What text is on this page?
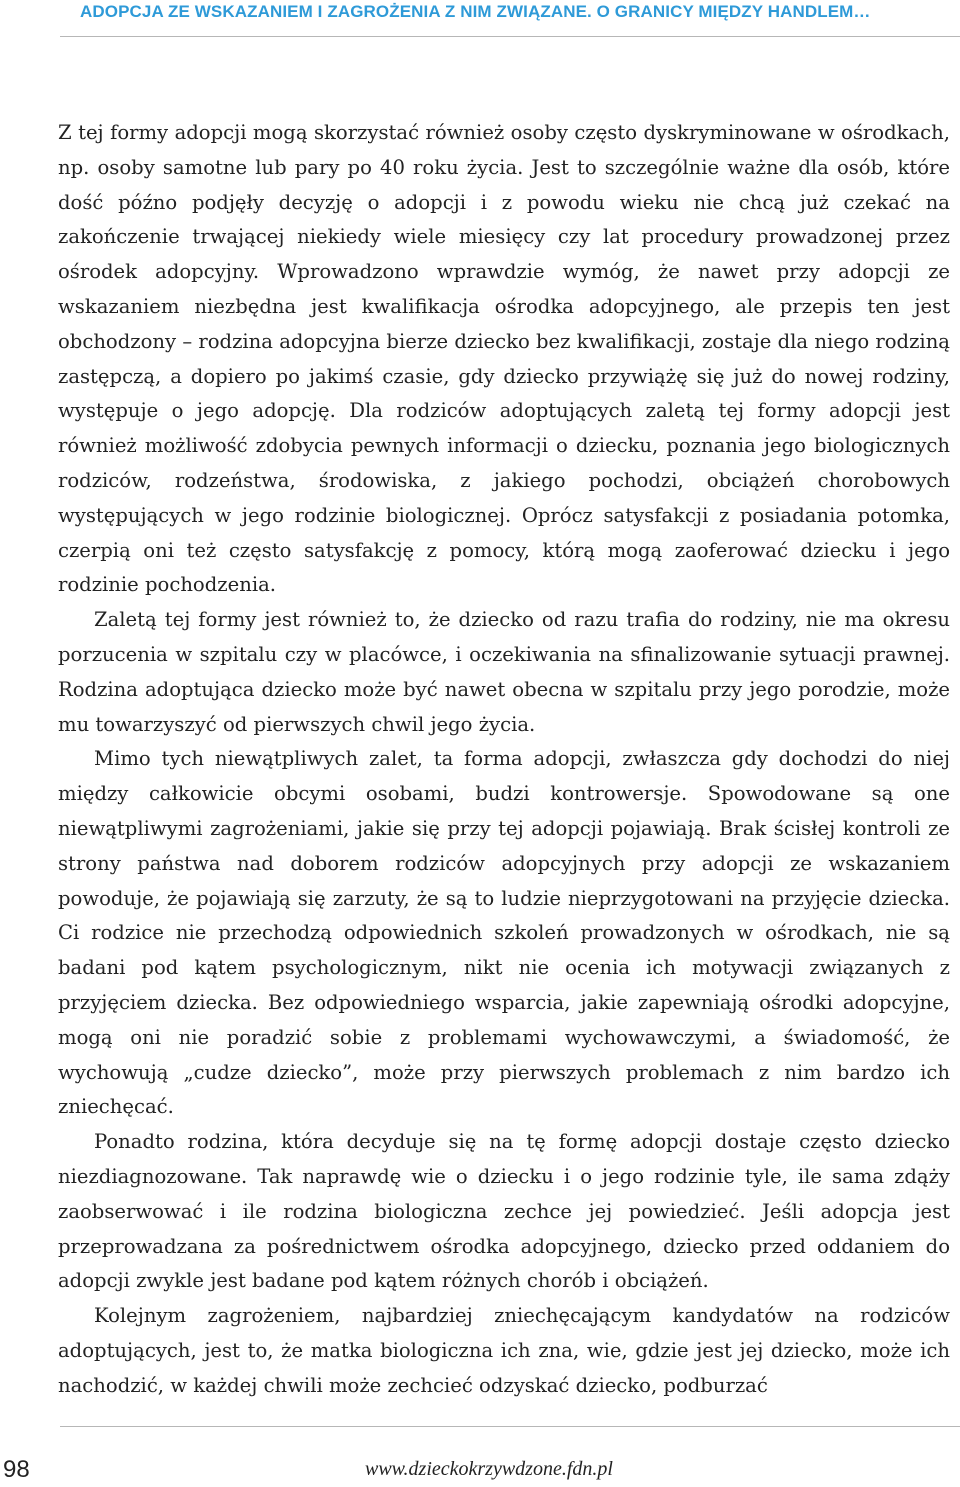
ADOPCJA ZE WSKAZANIEM I ZAGROŻENIA Z NIM ZWIĄZANE. O GRANICY MIĘDZY HANDLEM…

Z tej formy adopcji mogą skorzystać również osoby często dyskryminowane w ośrodkach, np. osoby samotne lub pary po 40 roku życia. Jest to szczególnie ważne dla osób, które dość późno podjęły decyzję o adopcji i z powodu wieku nie chcą już czekać na zakończenie trwającej niekiedy wiele miesięcy czy lat procedury prowadzonej przez ośrodek adopcyjny. Wprowadzono wprawdzie wymóg, że nawet przy adopcji ze wskazaniem niezbędna jest kwalifikacja ośrodka adopcyjnego, ale przepis ten jest obchodzony – rodzina adopcyjna bierze dziecko bez kwalifikacji, zostaje dla niego rodziną zastępczą, a dopiero po jakimś czasie, gdy dziecko przywiążę się już do nowej rodziny, występuje o jego adopcję. Dla rodziców adoptujących zaletą tej formy adopcji jest również możliwość zdobycia pewnych informacji o dziecku, poznania jego biologicznych rodziców, rodzeństwa, środowiska, z jakiego pochodzi, obciążeń chorobowych występujących w jego rodzinie biologicznej. Oprócz satysfakcji z posiadania potomka, czerpią oni też często satysfakcję z pomocy, którą mogą zaoferować dziecku i jego rodzinie pochodzenia.

Zaletą tej formy jest również to, że dziecko od razu trafia do rodziny, nie ma okresu porzucenia w szpitalu czy w placówce, i oczekiwania na sfinalizowanie sytuacji prawnej. Rodzina adoptująca dziecko może być nawet obecna w szpitalu przy jego porodzie, może mu towarzyszyć od pierwszych chwil jego życia.

Mimo tych niewątpliwych zalet, ta forma adopcji, zwłaszcza gdy dochodzi do niej między całkowicie obcymi osobami, budzi kontrowersje. Spowodowane są one niewątpliwymi zagrożeniami, jakie się przy tej adopcji pojawiają. Brak ścisłej kontroli ze strony państwa nad doborem rodziców adopcyjnych przy adopcji ze wskazaniem powoduje, że pojawiają się zarzuty, że są to ludzie nieprzygotowani na przyjęcie dziecka. Ci rodzice nie przechodzą odpowiednich szkoleń prowadzonych w ośrodkach, nie są badani pod kątem psychologicznym, nikt nie ocenia ich motywacji związanych z przyjęciem dziecka. Bez odpowiedniego wsparcia, jakie zapewniają ośrodki adopcyjne, mogą oni nie poradzić sobie z problemami wychowawczymi, a świadomość, że wychowują „cudze dziecko”, może przy pierwszych problemach z nim bardzo ich zniechęcać.

Ponadto rodzina, która decyduje się na tę formę adopcji dostaje często dziecko niezdiagnozowane. Tak naprawdę wie o dziecku i o jego rodzinie tyle, ile sama zdąży zaobserwować i ile rodzina biologiczna zechce jej powiedzieć. Jeśli adopcja jest przeprowadzana za pośrednictwem ośrodka adopcyjnego, dziecko przed oddaniem do adopcji zwykle jest badane pod kątem różnych chorób i obciążeń.

Kolejnym zagrożeniem, najbardziej zniechęcającym kandydatów na rodziców adoptujących, jest to, że matka biologiczna ich zna, wie, gdzie jest jej dziecko, może ich nachodzić, w każdej chwili może zechcieć odzyskać dziecko, podburzać

98	www.dzieckokrzywdzone.fdn.pl
